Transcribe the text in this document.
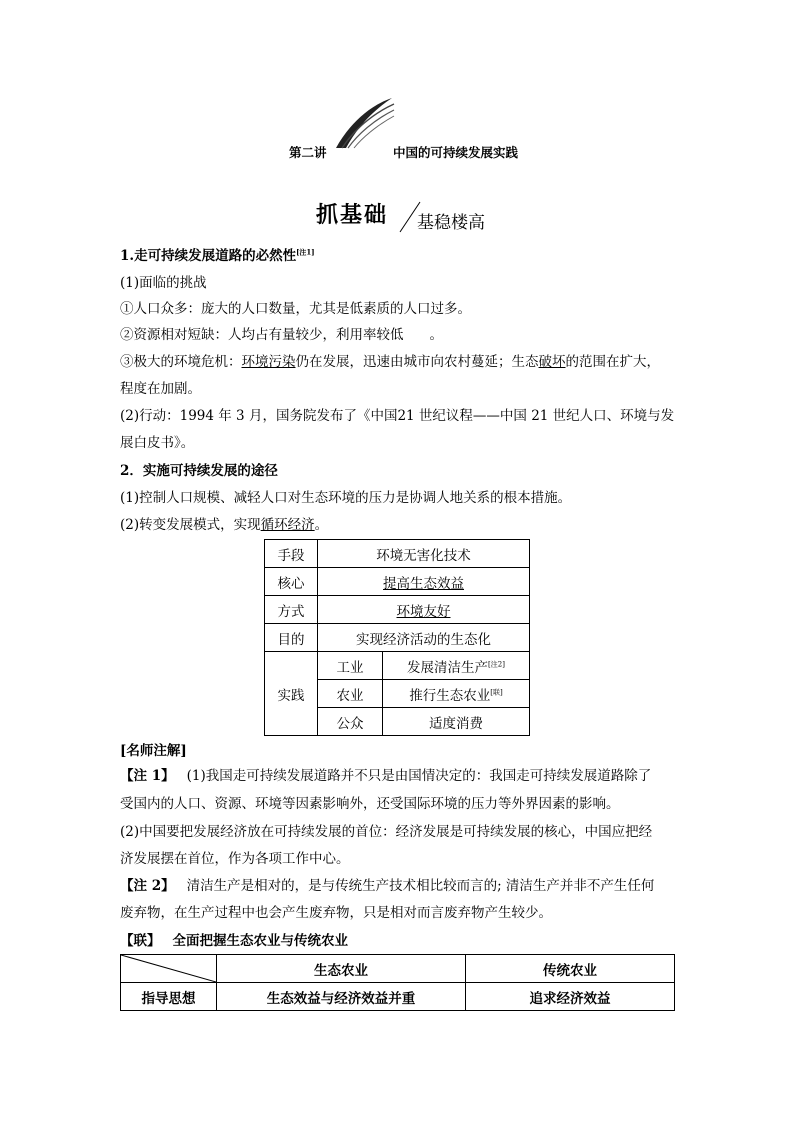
第二讲	中国的可持续发展实践
抓基础 基稳楼高
1.走可持续发展道路的必然性[注1]
(1)面临的挑战
①人口众多：庞大的人口数量，尤其是低素质的人口过多。
②资源相对短缺：人均占有量较少，利用率较低 。
③极大的环境危机：环境污染仍在发展，迅速由城市向农村蔓延；生态破坏的范围在扩大，
程度在加剧。
(2)行动：1994 年 3 月，国务院发布了《中国21 世纪议程——中国 21 世纪人口、环境与发
展白皮书》。
2．实施可持续发展的途径
(1)控制人口规模、减轻人口对生态环境的压力是协调人地关系的根本措施。
(2)转变发展模式，实现循环经济。
手段	环境无害化技术	
核心	提高生态效益	
方式	环境友好	
目的	实现经济活动的生态化	
实践	工业	发展清洁生产[注2]
	农业	推行生态农业[联]
	公众	适度消费
[名师注解]
【注 1】 (1)我国走可持续发展道路并不只是由国情决定的：我国走可持续发展道路除了
受国内的人口、资源、环境等因素影响外，还受国际环境的压力等外界因素的影响。
(2)中国要把发展经济放在可持续发展的首位：经济发展是可持续发展的核心，中国应把经
济发展摆在首位，作为各项工作中心。
【注 2】 清洁生产是相对的，是与传统生产技术相比较而言的; 清洁生产并非不产生任何
废弃物，在生产过程中也会产生废弃物，只是相对而言废弃物产生较少。
【联】 全面把握生态农业与传统农业
	生态农业	传统农业
指导思想	生态效益与经济效益并重	追求经济效益
